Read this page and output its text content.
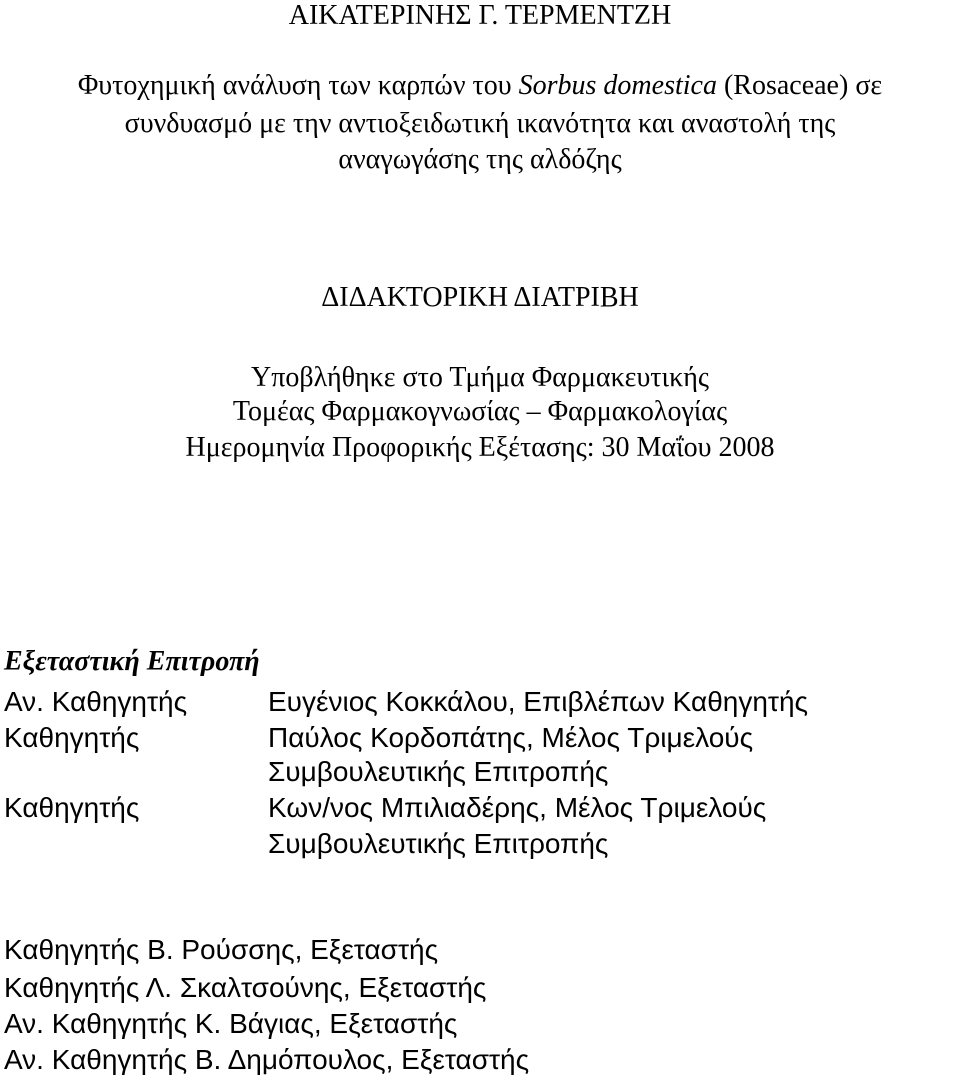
ΑΙΚΑΤΕΡΙΝΗΣ Γ. ΤΕΡΜΕΝΤΖΗ
Φυτοχημική ανάλυση των καρπών του Sorbus domestica (Rosaceae) σε
συνδυασμό με την αντιοξειδωτική ικανότητα και αναστολή της
αναγωγάσης της αλδόζης
ΔΙΔΑΚΤΟΡΙΚΗ ΔΙΑΤΡΙΒΗ
Υποβλήθηκε στο Τμήμα Φαρμακευτικής
Τομέας Φαρμακογνωσίας – Φαρμακολογίας
Ημερομηνία Προφορικής Εξέτασης: 30 Μαΐου 2008
Εξεταστική Επιτροπή
Αν. Καθηγητής	Ευγένιος Κοκκάλου, Επιβλέπων Καθηγητής
Καθηγητής	Παύλος Κορδοπάτης, Μέλος Τριμελούς
Συμβουλευτικής Επιτροπής
Καθηγητής	Κων/νος Μπιλιαδέρης, Μέλος Τριμελούς
Συμβουλευτικής Επιτροπής
Καθηγητής Β. Ρούσσης, Εξεταστής
Καθηγητής Λ. Σκαλτσούνης, Εξεταστής
Αν. Καθηγητής Κ. Βάγιας, Εξεταστής
Αν. Καθηγητής Β. Δημόπουλος, Εξεταστής
